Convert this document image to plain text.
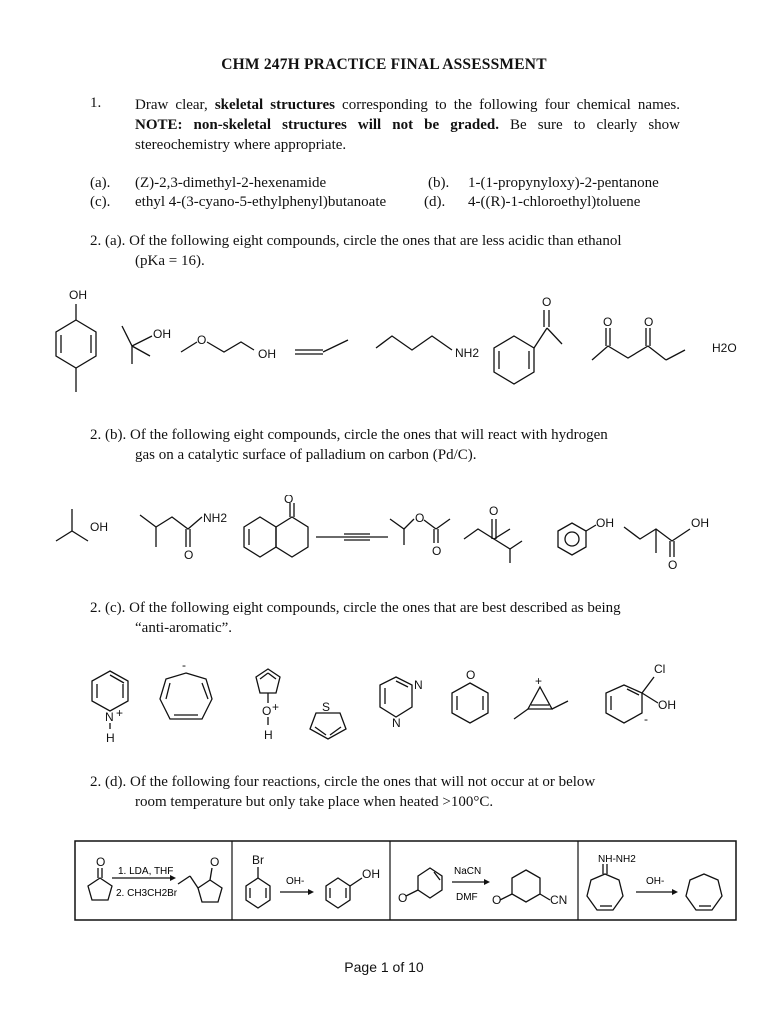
CHM 247H PRACTICE FINAL ASSESSMENT
1. Draw clear, skeletal structures corresponding to the following four chemical names. NOTE: non-skeletal structures will not be graded. Be sure to clearly show stereochemistry where appropriate.
(a). (Z)-2,3-dimethyl-2-hexenamide	(b). 1-(1-propynyloxy)-2-pentanone
(c). ethyl 4-(3-cyano-5-ethylphenyl)butanoate	(d). 4-((R)-1-chloroethyl)toluene
2. (a). Of the following eight compounds, circle the ones that are less acidic than ethanol
(pKa = 16).
OH
OH O
OH	NH2
O
O	O
H2O
2. (b). Of the following eight compounds, circle the ones that will react with hydrogen
gas on a catalytic surface of palladium on carbon (Pd/C).
OH
O
NH2
O
O
O
O
OH
O
OH
2. (c). Of the following eight compounds, circle the ones that are best described as being
“anti-aromatic”.
N +
H
-
O +
H
S
N
N
O	+
Cl
OH
-
2. (d). Of the following four reactions, circle the ones that will not occur at or below
room temperature but only take place when heated >100°C.
O
1. LDA, THF
2. CH3CH2Br
O	Br
OH-
OH
O
NaCN
DMF O	CN
NH-NH2
OH-
Page 1 of 10
